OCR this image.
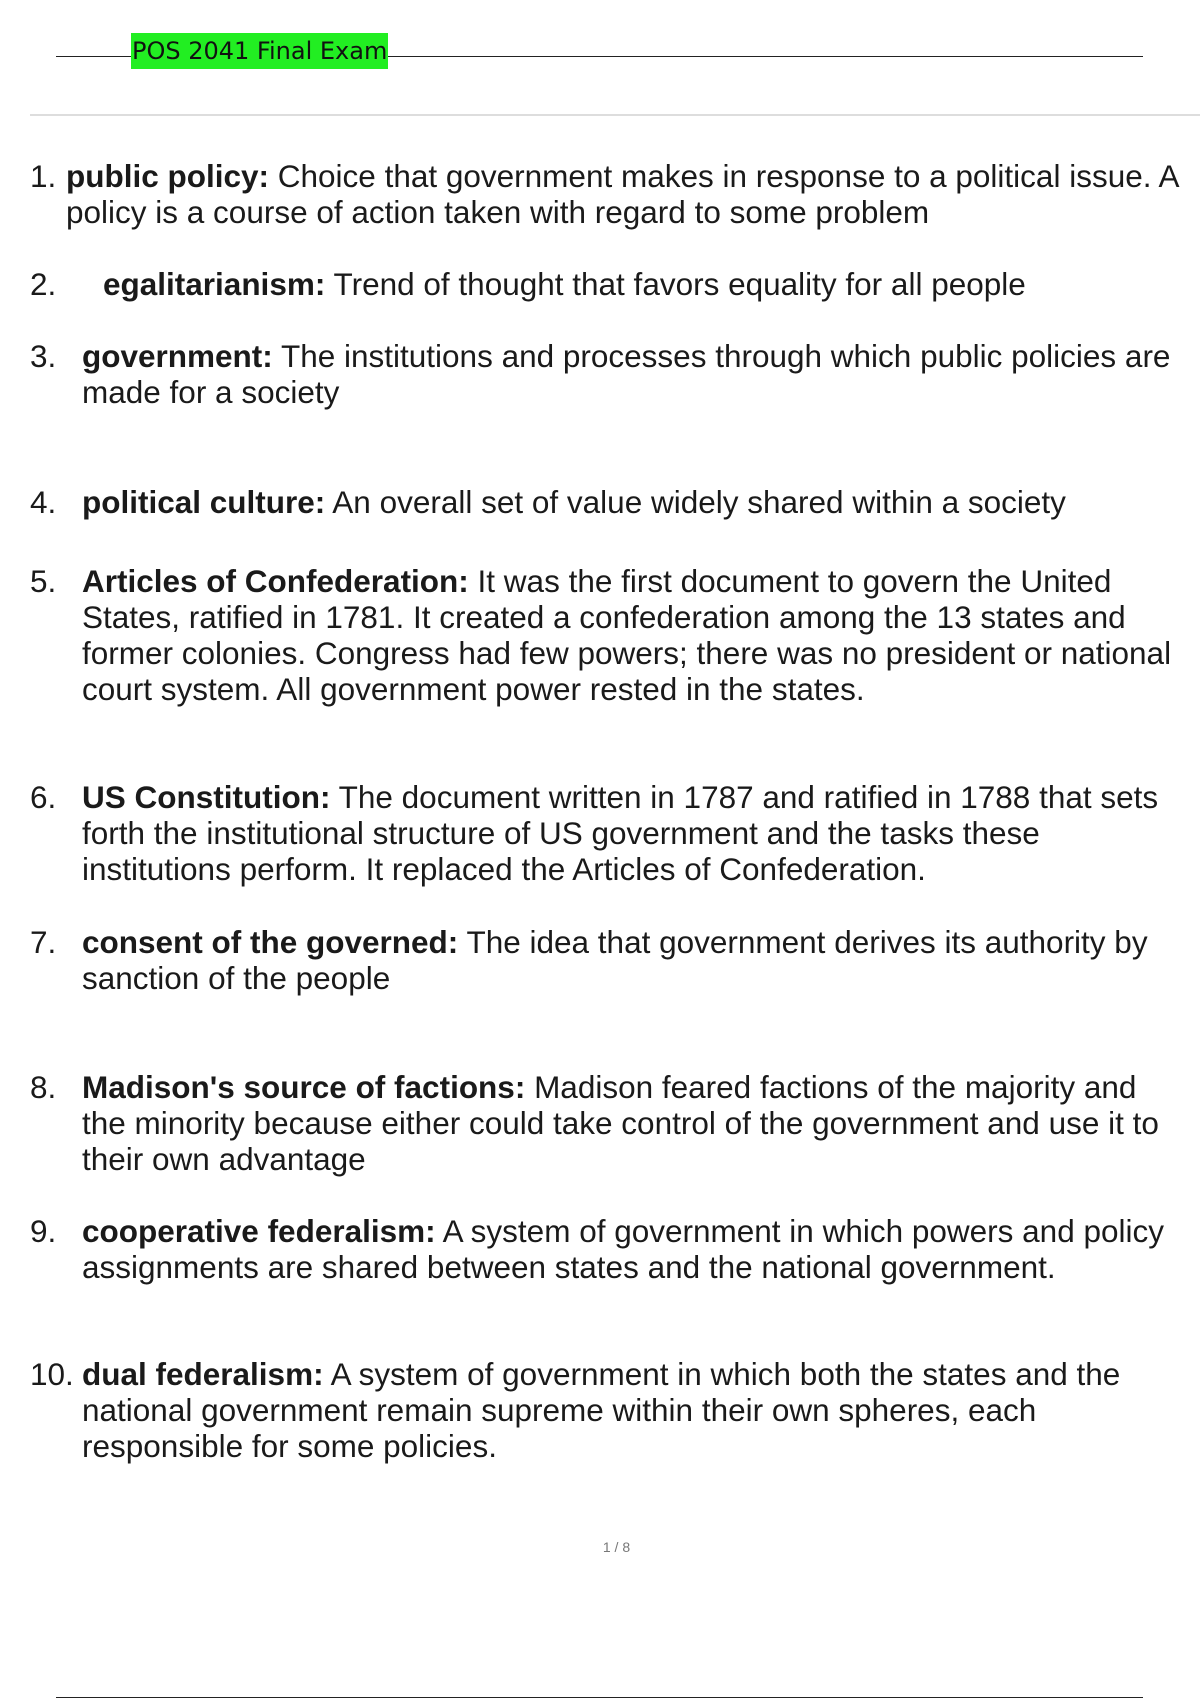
POS 2041 Final Exam
1. public policy: Choice that government makes in response to a political issue. A
policy is a course of action taken with regard to some problem
2. egalitarianism: Trend of thought that favors equality for all people
3. government: The institutions and processes through which public policies are
made for a society
4. political culture: An overall set of value widely shared within a society
5. Articles of Confederation: It was the first document to govern the United
States, ratified in 1781. It created a confederation among the 13 states and
former colonies. Congress had few powers; there was no president or national
court system. All government power rested in the states.
6. US Constitution: The document written in 1787 and ratified in 1788 that sets
forth the institutional structure of US government and the tasks these
institutions perform. It replaced the Articles of Confederation.
7. consent of the governed: The idea that government derives its authority by
sanction of the people
8. Madison's source of factions: Madison feared factions of the majority and
the minority because either could take control of the government and use it to
their own advantage
9. cooperative federalism: A system of government in which powers and policy
assignments are shared between states and the national government.
10. dual federalism: A system of government in which both the states and the
national government remain supreme within their own spheres, each
responsible for some policies.
1 / 8
